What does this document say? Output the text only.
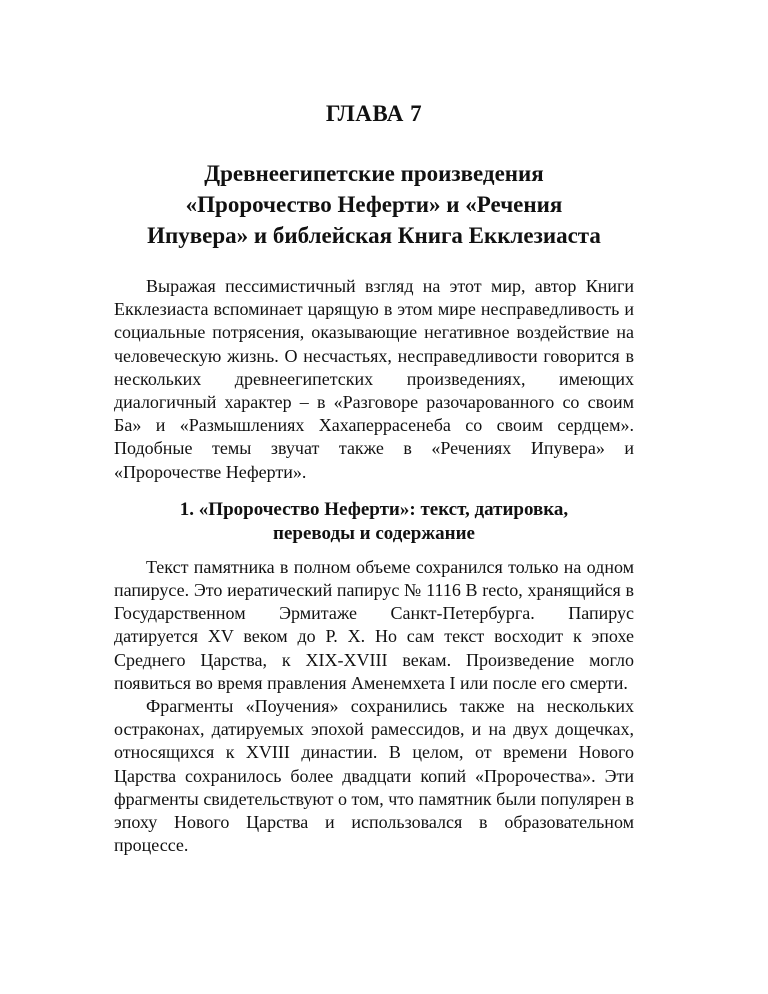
ГЛАВА 7
Древнеегипетские произведения
«Пророчество Неферти» и «Речения
Ипувера» и библейская Книга Екклезиаста

Выражая пессимистичный взгляд на этот мир, автор Книги Екклезиаста вспоминает царящую в этом мире несправедливость и социальные потрясения, оказывающие негативное воздействие на человеческую жизнь. О несчастьях, несправедливости говорится в нескольких древнеегипетских произведениях, имеющих диалогичный характер – в «Разговоре разочарованного со своим Ба» и «Размышлениях Хахаперрасенеба со своим сердцем». Подобные темы звучат также в «Речениях Ипувера» и «Пророчестве Неферти».

1. «Пророчество Неферти»: текст, датировка,
переводы и содержание

Текст памятника в полном объеме сохранился только на одном папирусе. Это иератический папирус № 1116 В recto, хранящийся в Государственном Эрмитаже Санкт-Петербурга. Папирус датируется XV веком до Р. Х. Но сам текст восходит к эпохе Среднего Царства, к XIX-XVIII векам. Произведение могло появиться во время правления Аменемхета I или после его смерти.

Фрагменты «Поучения» сохранились также на нескольких остраконах, датируемых эпохой рамессидов, и на двух дощечках, относящихся к XVIII династии. В целом, от времени Нового Царства сохранилось более двадцати копий «Пророчества». Эти фрагменты свидетельствуют о том, что памятник были популярен в эпоху Нового Царства и использовался в образовательном процессе.
